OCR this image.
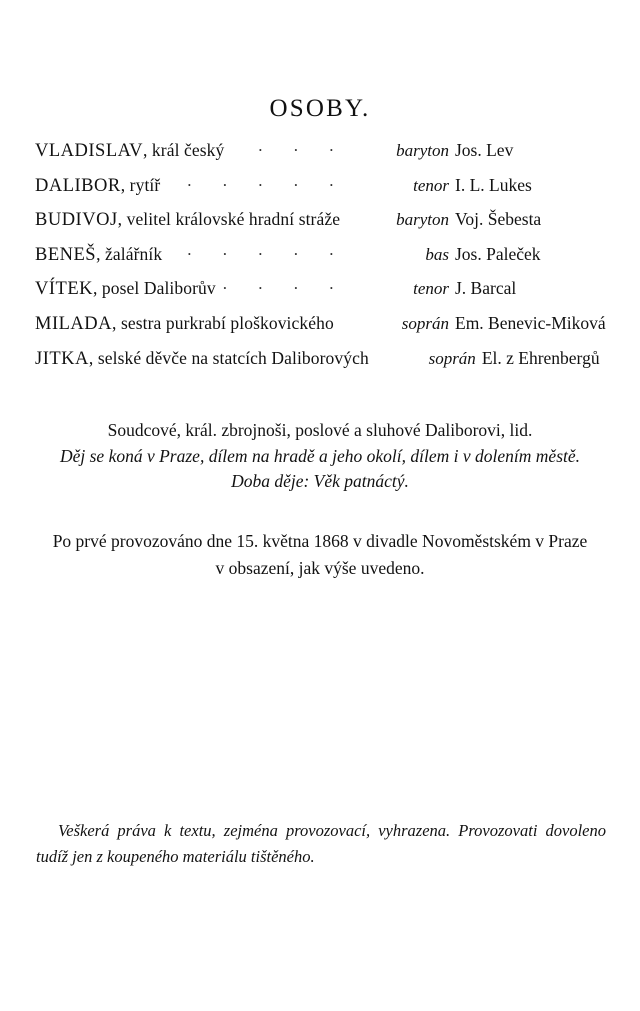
OSOBY.
VLADISLAV, král český . . .	baryton Jos. Lev
DALIBOR, rytíř . . .	tenor I. L. Lukes
BUDIVOJ, velitel královské hradní stráže . . .	baryton Voj. Šebesta
BENEŠ, žalářník . . .	bas Jos. Paleček
VÍTEK, posel Daliborův . . .	tenor J. Barcal
MILADA, sestra purkrabí ploškovického . . .	soprán Em. Benevic-Miková
JITKA, selské děvče na statcích Daliborových	soprán El. z Ehrenbergů
Soudcové, král. zbrojnoši, poslové a sluhové Daliborovi, lid.
Děj se koná v Praze, dílem na hradě a jeho okolí, dílem i v dolením městě.
Doba děje: Věk patnáctý.
Po prvé provozováno dne 15. května 1868 v divadle Novoměstském v Praze
v obsazení, jak výše uvedeno.
Veškerá práva k textu, zejména provozovací, vyhrazena. Provozovati dovoleno tudíž jen z koupeného materiálu tištěného.
